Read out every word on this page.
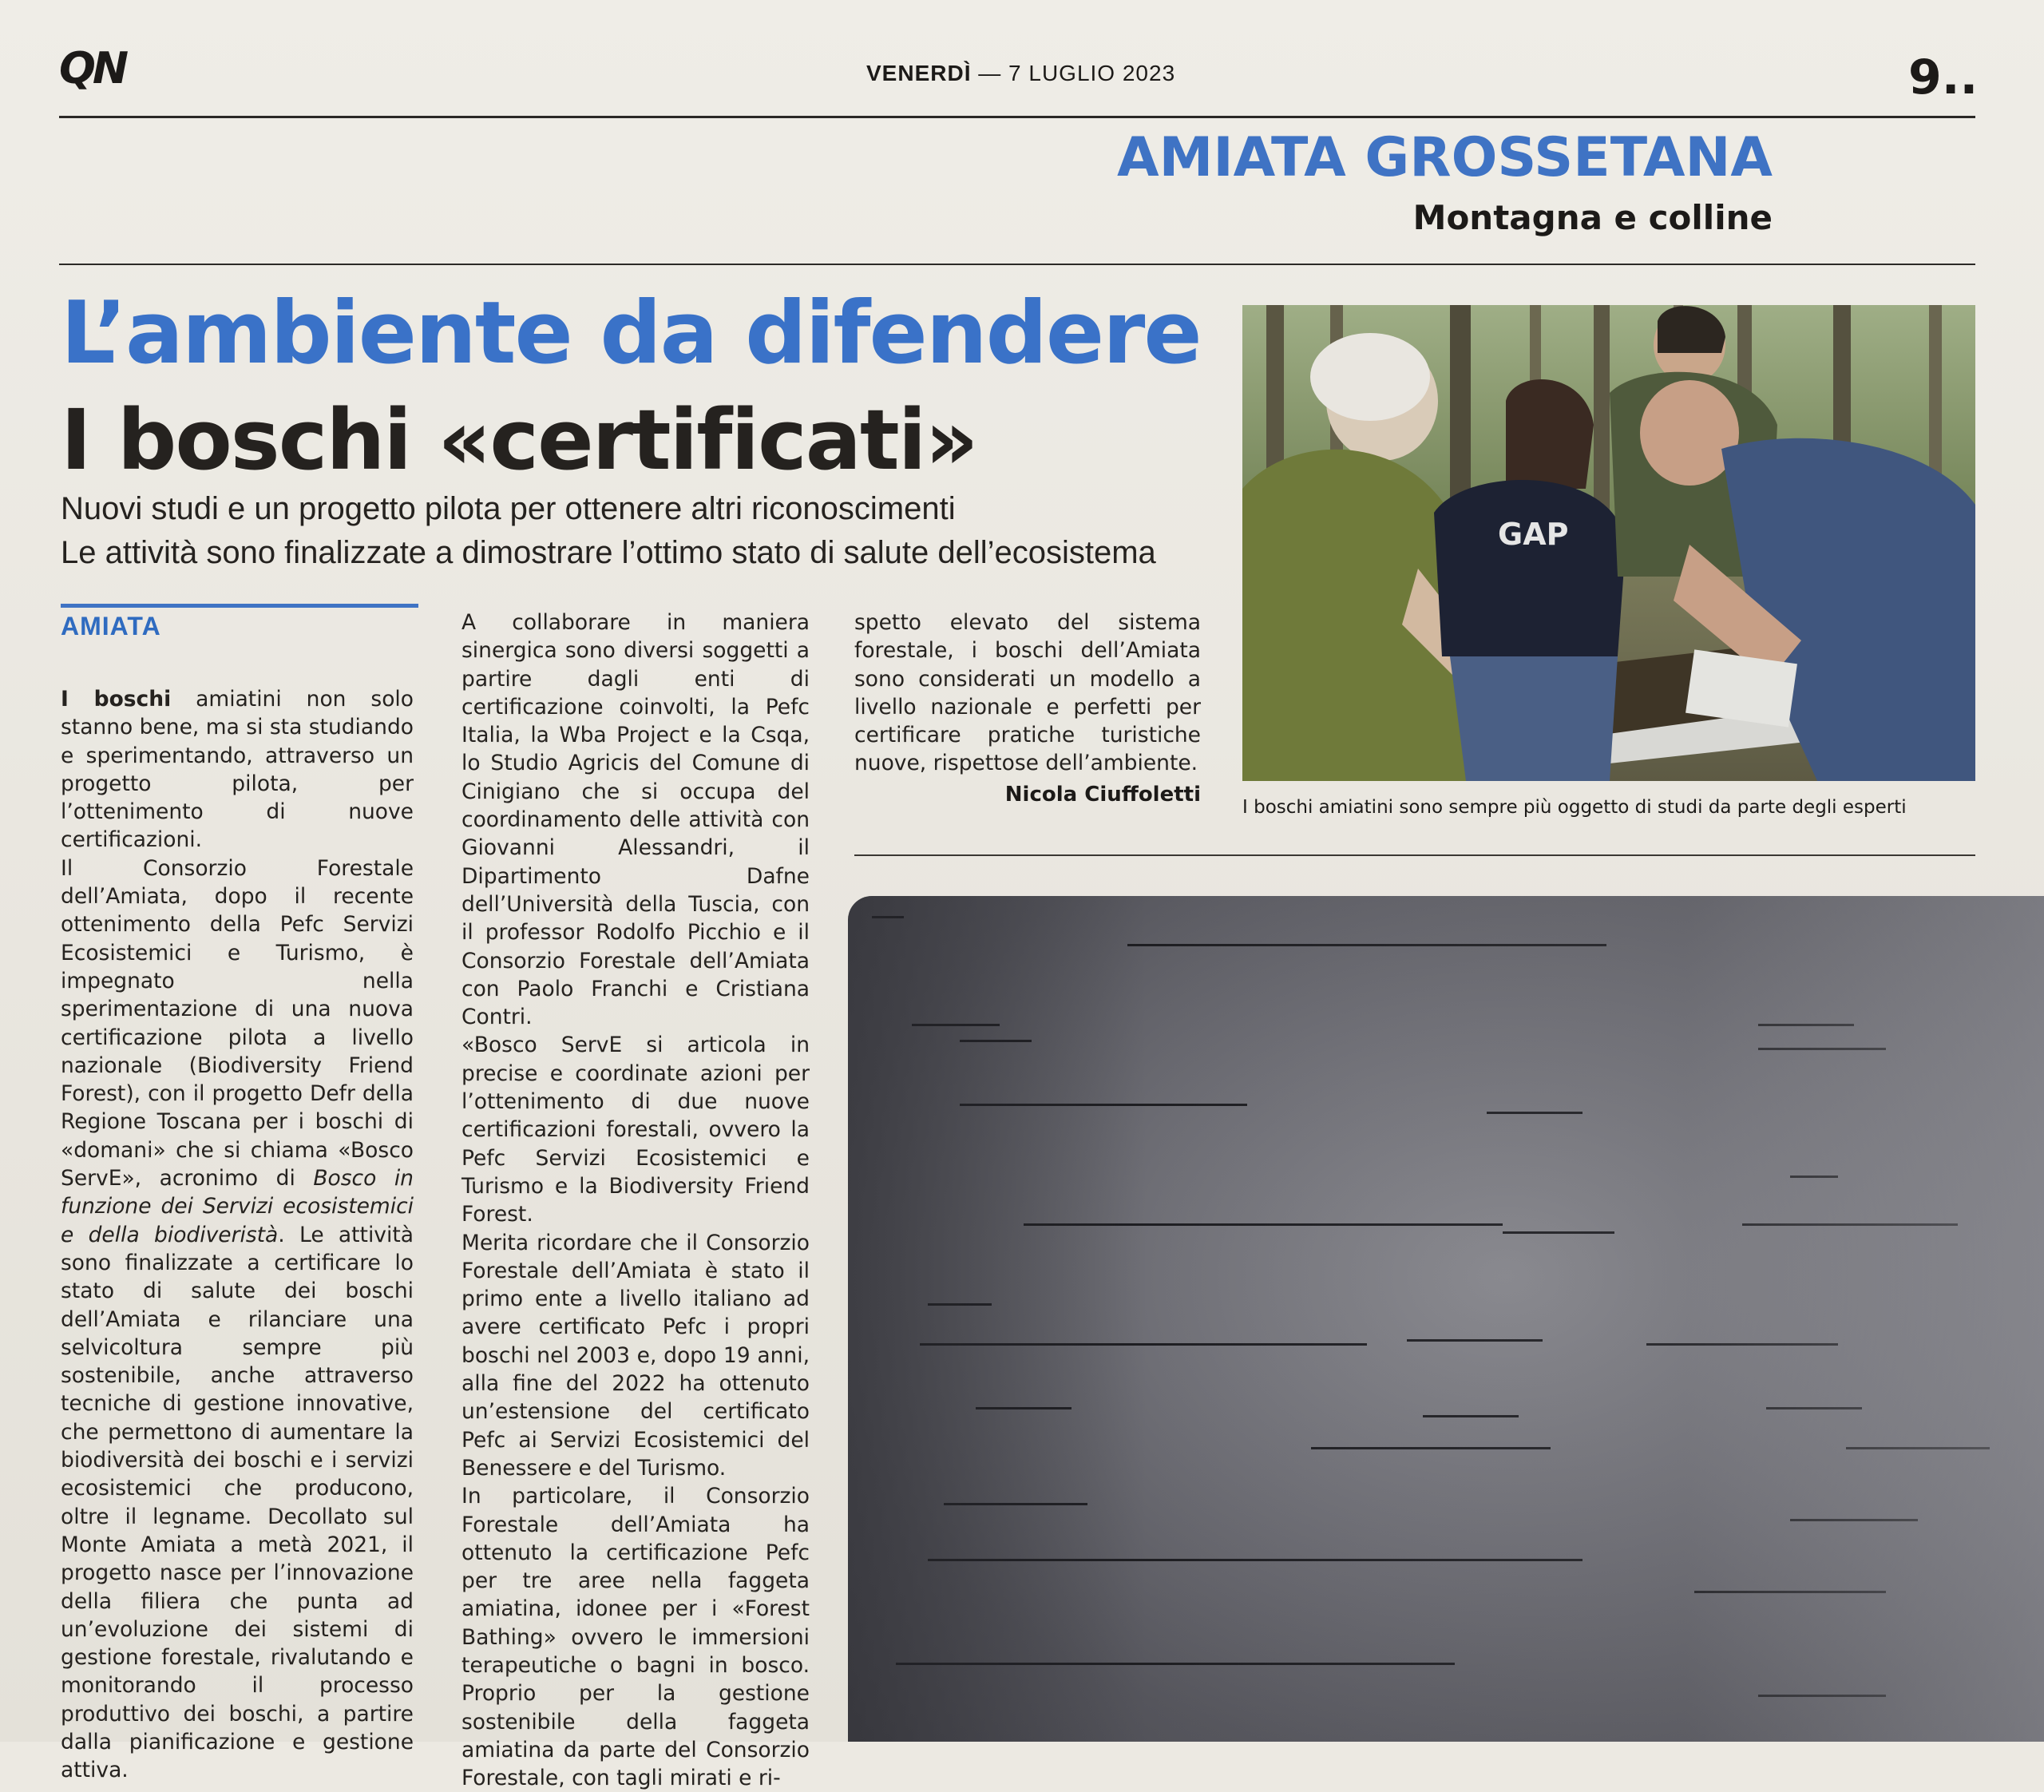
QN	VENERDÌ — 7 LUGLIO 2023	9..
AMIATA GROSSETANA
Montagna e colline
L’ambiente da difendere
I boschi «certificati»
Nuovi studi e un progetto pilota per ottenere altri riconoscimenti
Le attività sono finalizzate a dimostrare l’ottimo stato di salute dell’ecosistema
GAP
I boschi amiatini sono sempre più oggetto di studi da parte degli esperti
AMIATA

I boschi amiatini non solo stanno bene, ma si sta studiando e sperimentando, attraverso un progetto pilota, per l’ottenimento di nuove certificazioni.

Il Consorzio Forestale dell’Amiata, dopo il recente ottenimento della Pefc Servizi Ecosistemici e Turismo, è impegnato nella sperimentazione di una nuova certificazione pilota a livello nazionale (Biodiversity Friend Forest), con il progetto Defr della Regione Toscana per i boschi di «domani» che si chiama «Bosco ServE», acronimo di Bosco in funzione dei Servizi ecosistemici e della biodiveristà. Le attività sono finalizzate a certificare lo stato di salute dei boschi dell’Amiata e rilanciare una selvicoltura sempre più sostenibile, anche attraverso tecniche di gestione innovative, che permettono di aumentare la biodiversità dei boschi e i servizi ecosistemici che producono, oltre il legname. Decollato sul Monte Amiata a metà 2021, il progetto nasce per l’innovazione della filiera che punta ad un’evoluzione dei sistemi di gestione forestale, rivalutando e monitorando il processo produttivo dei boschi, a partire dalla pianificazione e gestione attiva.

A collaborare in maniera sinergica sono diversi soggetti a partire dagli enti di certificazione coinvolti, la Pefc Italia, la Wba Project e la Csqa, lo Studio Agricis del Comune di Cinigiano che si occupa del coordinamento delle attività con Giovanni Alessandri, il Dipartimento Dafne dell’Università della Tuscia, con il professor Rodolfo Picchio e il Consorzio Forestale dell’Amiata con Paolo Franchi e Cristiana Contri.

«Bosco ServE si articola in precise e coordinate azioni per l’ottenimento di due nuove certificazioni forestali, ovvero la Pefc Servizi Ecosistemici e Turismo e la Biodiversity Friend Forest.

Merita ricordare che il Consorzio Forestale dell’Amiata è stato il primo ente a livello italiano ad avere certificato Pefc i propri boschi nel 2003 e, dopo 19 anni, alla fine del 2022 ha ottenuto un’estensione del certificato Pefc ai Servizi Ecosistemici del Benessere e del Turismo.

In particolare, il Consorzio Forestale dell’Amiata ha ottenuto la certificazione Pefc per tre aree nella faggeta amiatina, idonee per i «Forest Bathing» ovvero le immersioni terapeutiche o bagni in bosco. Proprio per la gestione sostenibile della faggeta amiatina da parte del Consorzio Forestale, con tagli mirati e ri-

spetto elevato del sistema forestale, i boschi dell’Amiata sono considerati un modello a livello nazionale e perfetti per certificare pratiche turistiche nuove, rispettose dell’ambiente.

Nicola Ciuffoletti
